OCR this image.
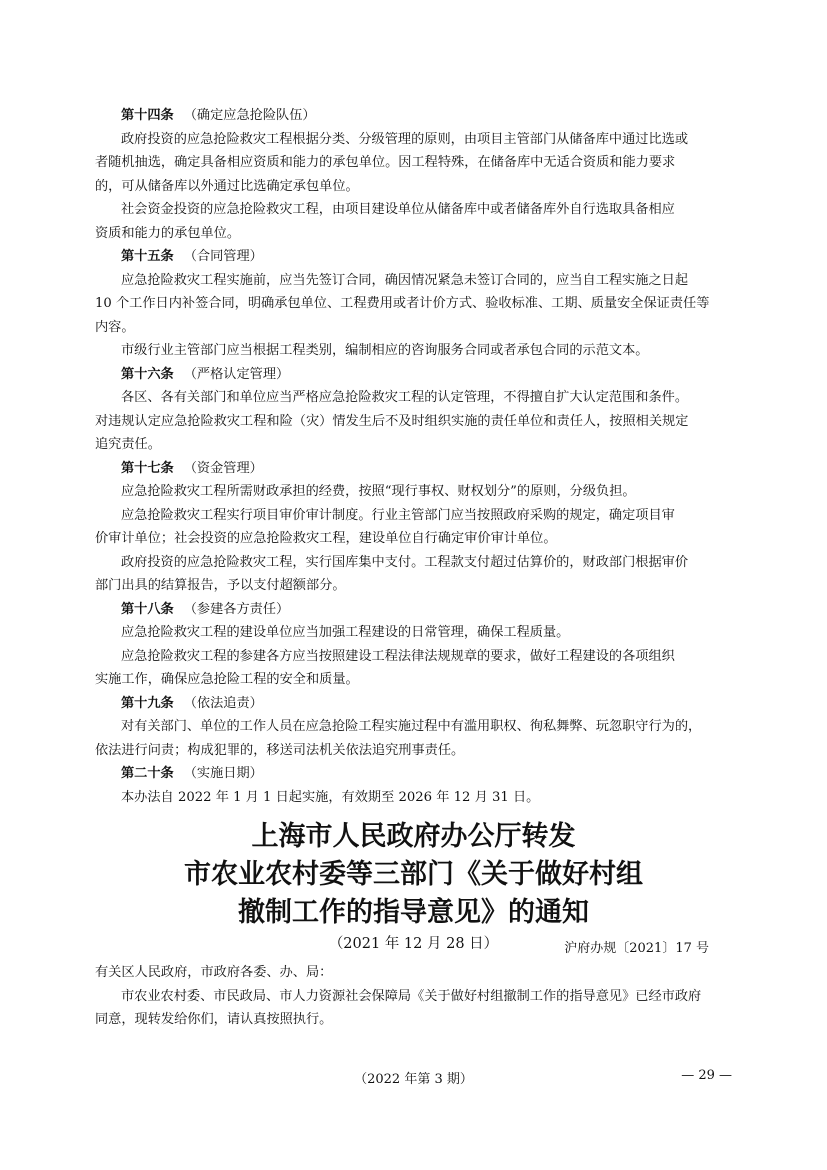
第十四条 （确定应急抢险队伍）
政府投资的应急抢险救灾工程根据分类、分级管理的原则，由项目主管部门从储备库中通过比选或
者随机抽选，确定具备相应资质和能力的承包单位。因工程特殊，在储备库中无适合资质和能力要求
的，可从储备库以外通过比选确定承包单位。
社会资金投资的应急抢险救灾工程，由项目建设单位从储备库中或者储备库外自行选取具备相应
资质和能力的承包单位。
第十五条 （合同管理）
应急抢险救灾工程实施前，应当先签订合同，确因情况紧急未签订合同的，应当自工程实施之日起
10 个工作日内补签合同，明确承包单位、工程费用或者计价方式、验收标准、工期、质量安全保证责任等
内容。
市级行业主管部门应当根据工程类别，编制相应的咨询服务合同或者承包合同的示范文本。
第十六条 （严格认定管理）
各区、各有关部门和单位应当严格应急抢险救灾工程的认定管理，不得擅自扩大认定范围和条件。
对违规认定应急抢险救灾工程和险（灾）情发生后不及时组织实施的责任单位和责任人，按照相关规定
追究责任。
第十七条 （资金管理）
应急抢险救灾工程所需财政承担的经费，按照“现行事权、财权划分”的原则，分级负担。
应急抢险救灾工程实行项目审价审计制度。行业主管部门应当按照政府采购的规定，确定项目审
价审计单位；社会投资的应急抢险救灾工程，建设单位自行确定审价审计单位。
政府投资的应急抢险救灾工程，实行国库集中支付。工程款支付超过估算价的，财政部门根据审价
部门出具的结算报告，予以支付超额部分。
第十八条 （参建各方责任）
应急抢险救灾工程的建设单位应当加强工程建设的日常管理，确保工程质量。
应急抢险救灾工程的参建各方应当按照建设工程法律法规规章的要求，做好工程建设的各项组织
实施工作，确保应急抢险工程的安全和质量。
第十九条 （依法追责）
对有关部门、单位的工作人员在应急抢险工程实施过程中有滥用职权、徇私舞弊、玩忽职守行为的，
依法进行问责；构成犯罪的，移送司法机关依法追究刑事责任。
第二十条 （实施日期）
本办法自 2022 年 1 月 1 日起实施，有效期至 2026 年 12 月 31 日。
上海市人民政府办公厅转发
市农业农村委等三部门《关于做好村组
撤制工作的指导意见》的通知
（2021 年 12 月 28 日）	沪府办规〔2021〕17 号
有关区人民政府，市政府各委、办、局：
市农业农村委、市民政局、市人力资源社会保障局《关于做好村组撤制工作的指导意见》已经市政府
同意，现转发给你们，请认真按照执行。
（2022 年第 3 期）	— 29 —
